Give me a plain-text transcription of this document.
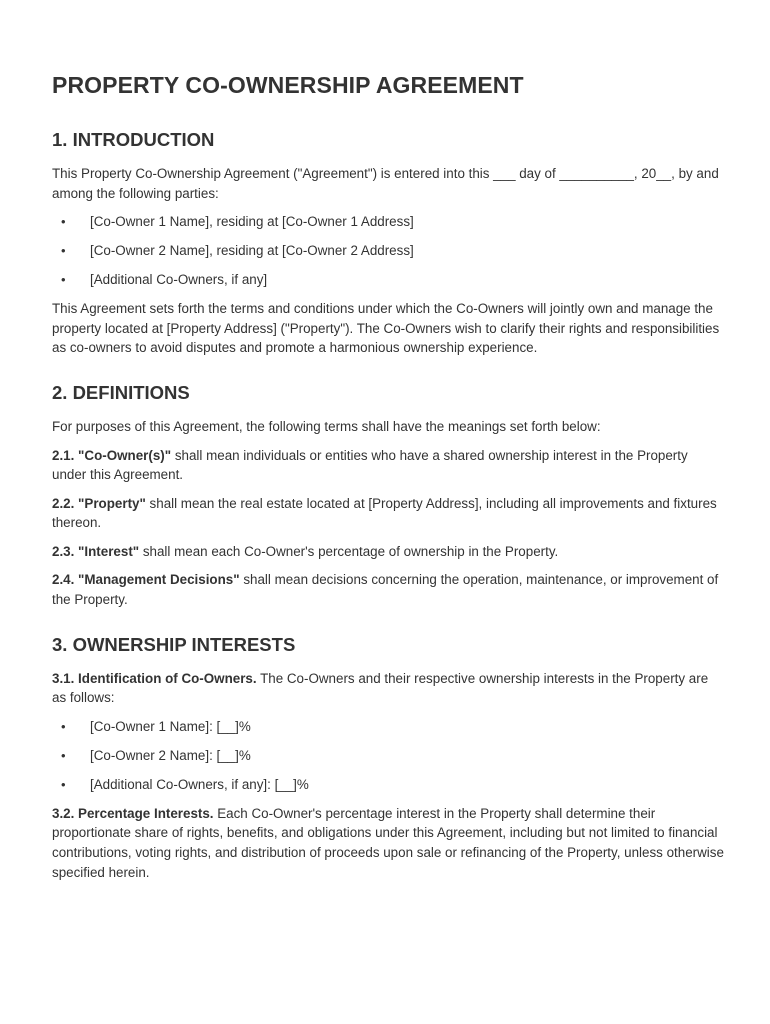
PROPERTY CO-OWNERSHIP AGREEMENT
1. INTRODUCTION

This Property Co-Ownership Agreement ("Agreement") is entered into this ___ day of __________, 20__, by and among the following parties:

• [Co-Owner 1 Name], residing at [Co-Owner 1 Address]
• [Co-Owner 2 Name], residing at [Co-Owner 2 Address]
• [Additional Co-Owners, if any]

This Agreement sets forth the terms and conditions under which the Co-Owners will jointly own and manage the property located at [Property Address] ("Property"). The Co-Owners wish to clarify their rights and responsibilities as co-owners to avoid disputes and promote a harmonious ownership experience.

2. DEFINITIONS

For purposes of this Agreement, the following terms shall have the meanings set forth below:

2.1. "Co-Owner(s)" shall mean individuals or entities who have a shared ownership interest in the Property under this Agreement.

2.2. "Property" shall mean the real estate located at [Property Address], including all improvements and fixtures thereon.

2.3. "Interest" shall mean each Co-Owner's percentage of ownership in the Property.

2.4. "Management Decisions" shall mean decisions concerning the operation, maintenance, or improvement of the Property.

3. OWNERSHIP INTERESTS

3.1. Identification of Co-Owners. The Co-Owners and their respective ownership interests in the Property are as follows:

• [Co-Owner 1 Name]: [__]%
• [Co-Owner 2 Name]: [__]%
• [Additional Co-Owners, if any]: [__]%

3.2. Percentage Interests. Each Co-Owner's percentage interest in the Property shall determine their proportionate share of rights, benefits, and obligations under this Agreement, including but not limited to financial contributions, voting rights, and distribution of proceeds upon sale or refinancing of the Property, unless otherwise specified herein.
